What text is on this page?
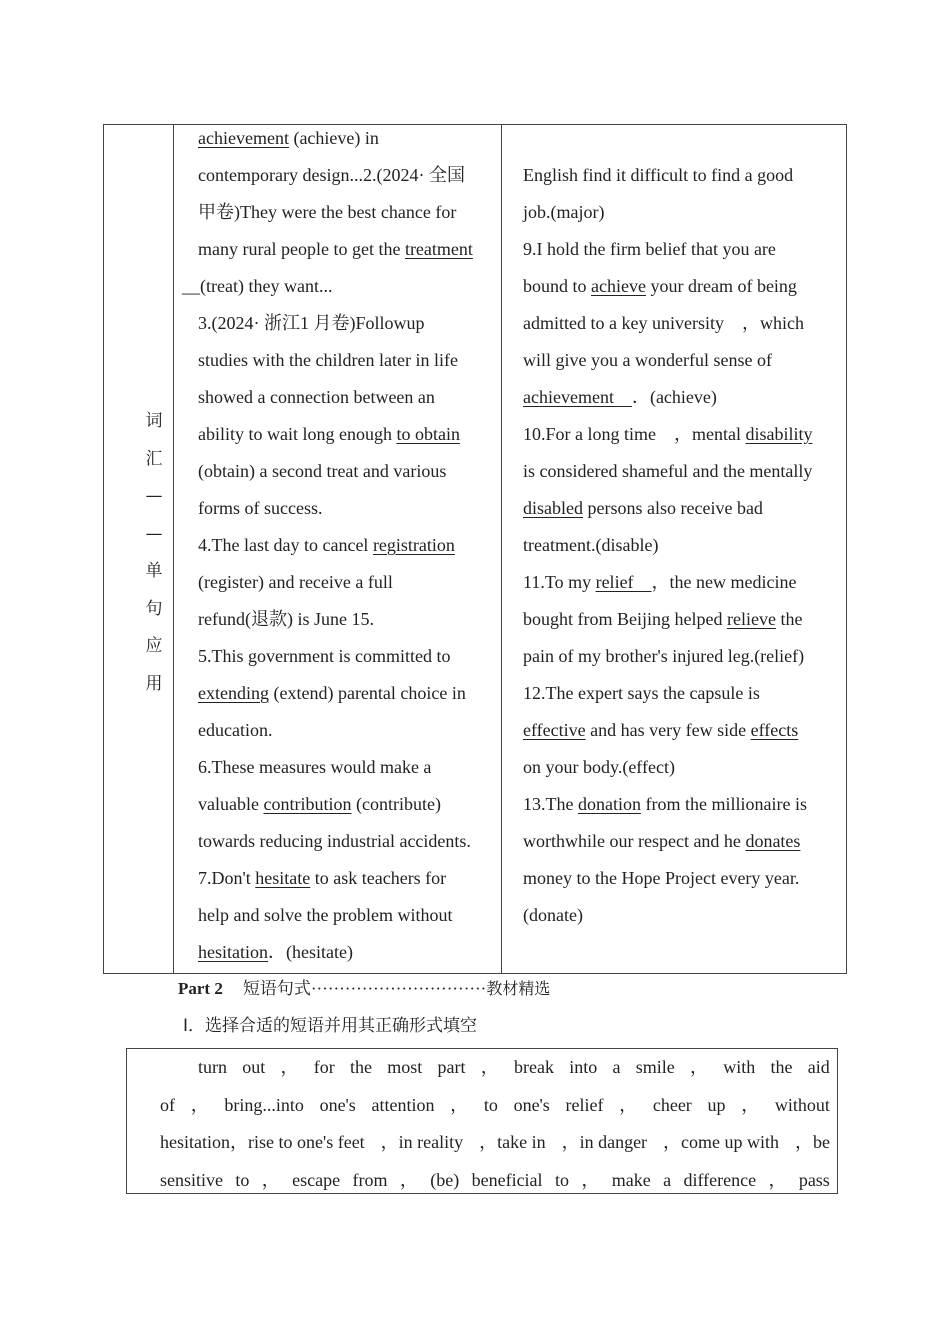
词
汇
—
—
单
句
应
用
achievement (achieve) in
contemporary design...2.(2024· 全国
甲卷)They were the best chance for
many rural people to get the treatment
__(treat) they want...
3.(2024· 浙江1 月卷)Followup
studies with the children later in life
showed a connection between an
ability to wait long enough to obtain
(obtain) a second treat and various
forms of success.
4.The last day to cancel registration
(register) and receive a full
refund(退款) is June 15.
5.This government is committed to
extending (extend) parental choice in
education.
6.These measures would make a
valuable contribution (contribute)
towards reducing industrial accidents.
7.Don't hesitate to ask teachers for
help and solve the problem without
hesitation．(hesitate)
English find it difficult to find a good
job.(major)
9.I hold the firm belief that you are
bound to achieve your dream of being
admitted to a key university　，which
will give you a wonderful sense of
achievement　．(achieve)
10.For a long time　，mental disability
is considered shameful and the mentally
disabled persons also receive bad
treatment.(disable)
11.To my relief　，the new medicine
bought from Beijing helped relieve the
pain of my brother's injured leg.(relief)
12.The expert says the capsule is
effective and has very few side effects
on your body.(effect)
13.The donation from the millionaire is
worthwhile our respect and he donates
money to the Hope Project every year.
(donate)
Part 2 短语句式·······························教材精选
Ⅰ．选择合适的短语并用其正确形式填空
turn out ， for the most part ， break into a smile ， with the aid
of ， bring...into one's attention ， to one's relief ， cheer up ， without
hesitation，rise to one's feet ，in reality ，take in ，in danger ，come up with ，be
sensitive to ， escape from ， (be) beneficial to ， make a difference ， pass
